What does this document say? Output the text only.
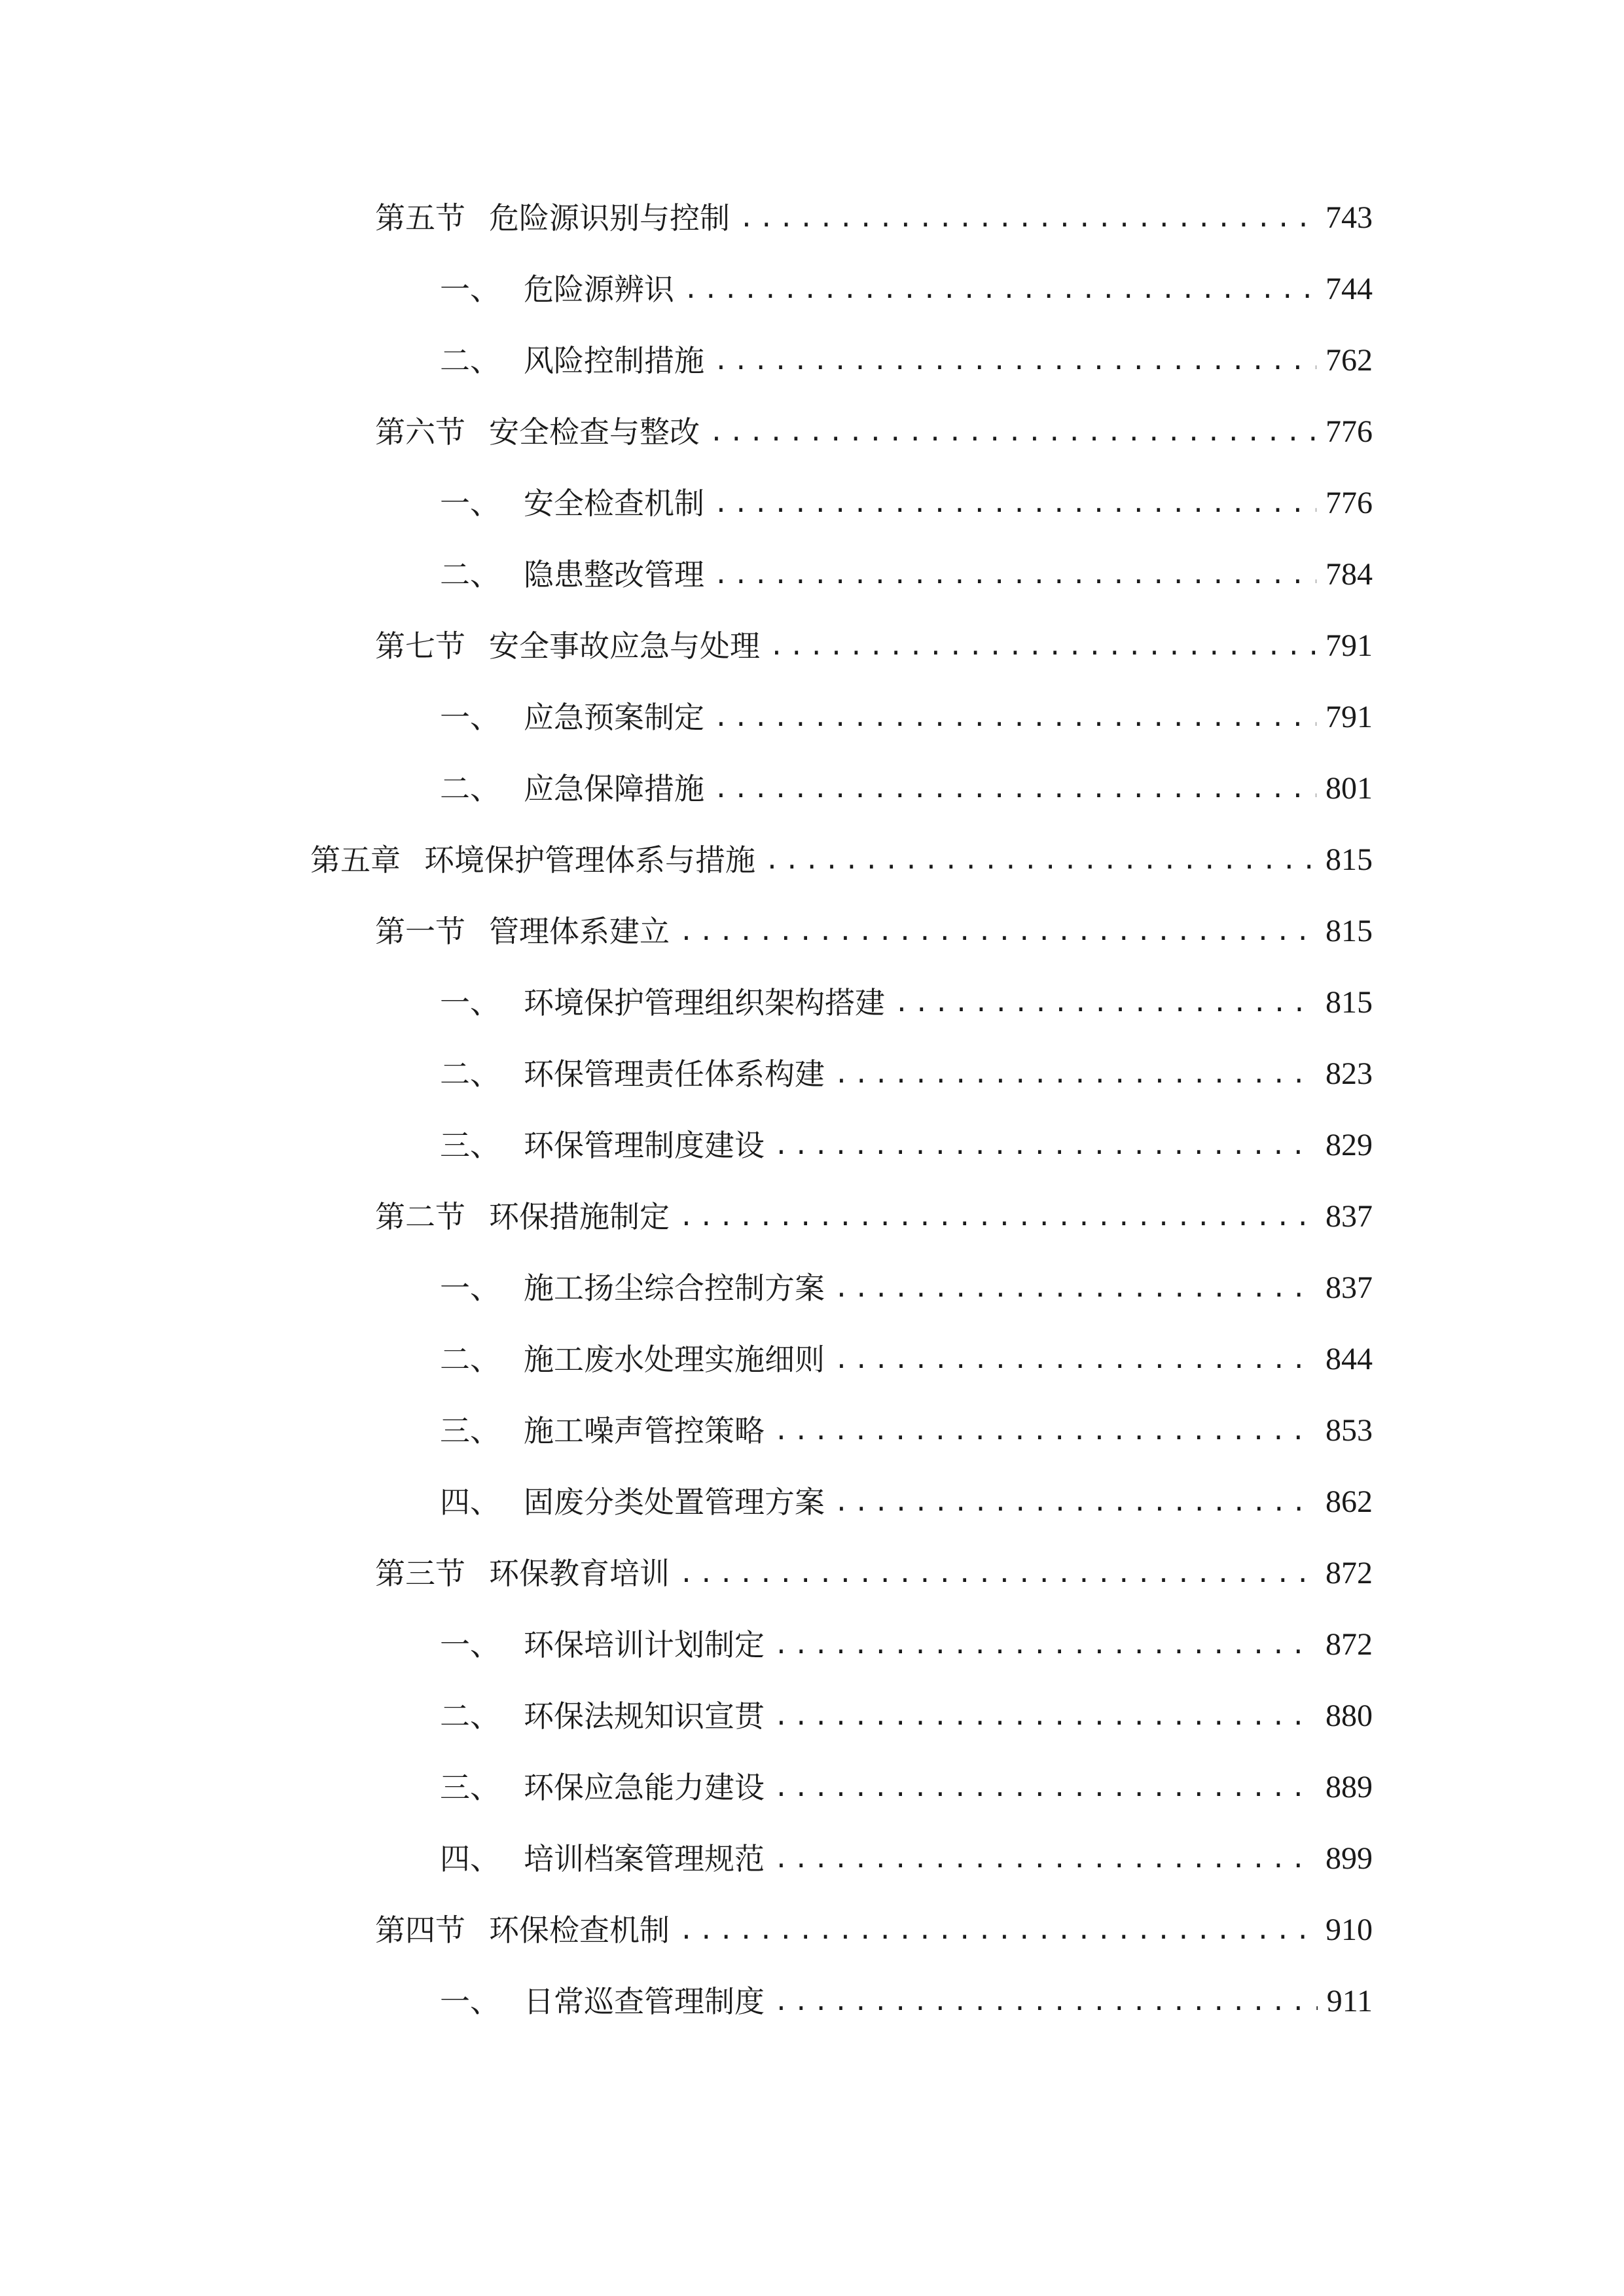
第五节 危险源识别与控制 .....	743
一、 危险源辨识 .....	744
二、 风险控制措施 .....	762
第六节 安全检查与整改 .....	776
一、 安全检查机制 .....	776
二、 隐患整改管理 .....	784
第七节 安全事故应急与处理 .....	791
一、 应急预案制定 .....	791
二、 应急保障措施 .....	801
第五章 环境保护管理体系与措施 .....	815
第一节 管理体系建立 .....	815
一、 环境保护管理组织架构搭建 .....	815
二、 环保管理责任体系构建 .....	823
三、 环保管理制度建设 .....	829
第二节 环保措施制定 .....	837
一、 施工扬尘综合控制方案 .....	837
二、 施工废水处理实施细则 .....	844
三、 施工噪声管控策略 .....	853
四、 固废分类处置管理方案 .....	862
第三节 环保教育培训 .....	872
一、 环保培训计划制定 .....	872
二、 环保法规知识宣贯 .....	880
三、 环保应急能力建设 .....	889
四、 培训档案管理规范 .....	899
第四节 环保检查机制 .....	910
一、 日常巡查管理制度 .....	911
